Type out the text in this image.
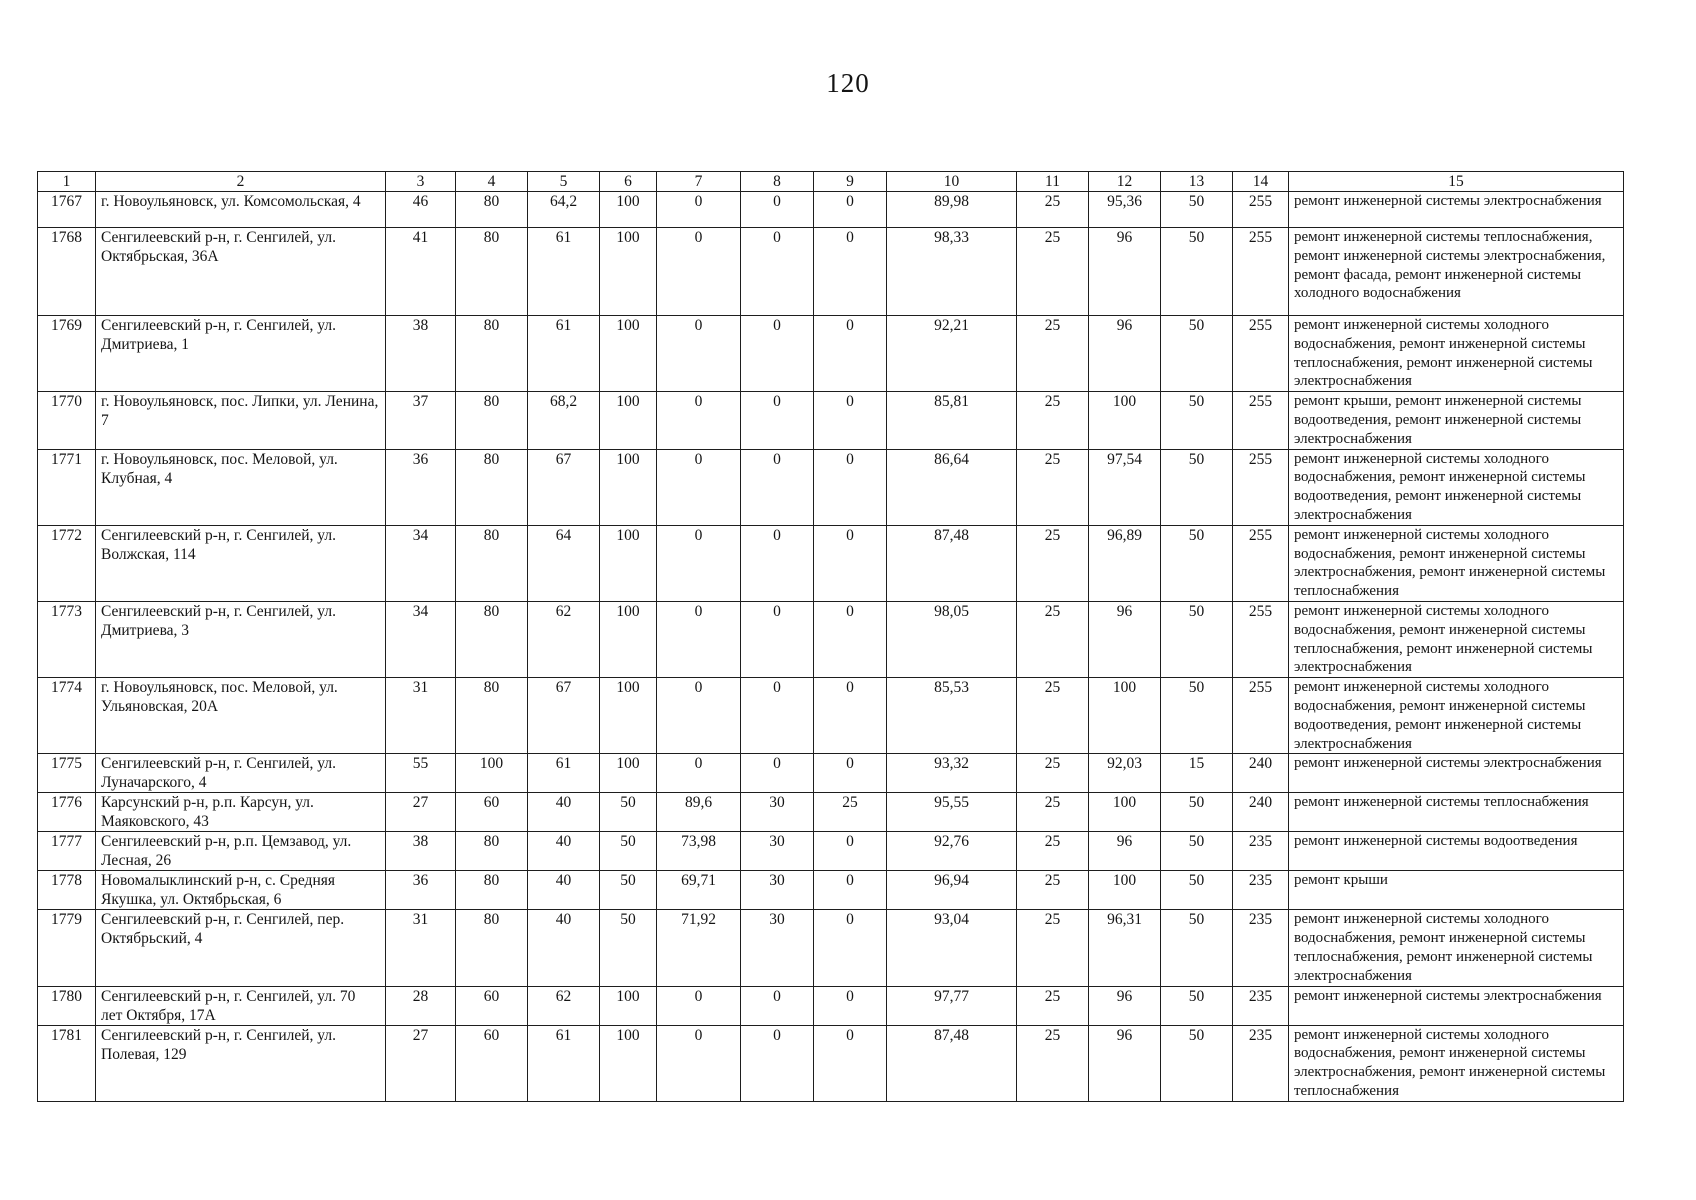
120
1	2	3	4	5	6	7	8	9	10	11	12	13	14	15
1767	г. Новоульяновск, ул. Комсомольская, 4	46	80	64,2	100	0	0	0	89,98	25	95,36	50	255	ремонт инженерной системы электроснабжения
1768	Сенгилеевский р-н, г. Сенгилей, ул. Октябрьская, 36А	41	80	61	100	0	0	0	98,33	25	96	50	255	ремонт инженерной системы теплоснабжения, ремонт инженерной системы электроснабжения, ремонт фасада, ремонт инженерной системы холодного водоснабжения
1769	Сенгилеевский р-н, г. Сенгилей, ул. Дмитриева, 1	38	80	61	100	0	0	0	92,21	25	96	50	255	ремонт инженерной системы холодного водоснабжения, ремонт инженерной системы теплоснабжения, ремонт инженерной системы электроснабжения
1770	г. Новоульяновск, пос. Липки, ул. Ленина, 7	37	80	68,2	100	0	0	0	85,81	25	100	50	255	ремонт крыши, ремонт инженерной системы водоотведения, ремонт инженерной системы электроснабжения
1771	г. Новоульяновск, пос. Меловой, ул. Клубная, 4	36	80	67	100	0	0	0	86,64	25	97,54	50	255	ремонт инженерной системы холодного водоснабжения, ремонт инженерной системы водоотведения, ремонт инженерной системы электроснабжения
1772	Сенгилеевский р-н, г. Сенгилей, ул. Волжская, 114	34	80	64	100	0	0	0	87,48	25	96,89	50	255	ремонт инженерной системы холодного водоснабжения, ремонт инженерной системы электроснабжения, ремонт инженерной системы теплоснабжения
1773	Сенгилеевский р-н, г. Сенгилей, ул. Дмитриева, 3	34	80	62	100	0	0	0	98,05	25	96	50	255	ремонт инженерной системы холодного водоснабжения, ремонт инженерной системы теплоснабжения, ремонт инженерной системы электроснабжения
1774	г. Новоульяновск, пос. Меловой, ул. Ульяновская, 20А	31	80	67	100	0	0	0	85,53	25	100	50	255	ремонт инженерной системы холодного водоснабжения, ремонт инженерной системы водоотведения, ремонт инженерной системы электроснабжения
1775	Сенгилеевский р-н, г. Сенгилей, ул. Луначарского, 4	55	100	61	100	0	0	0	93,32	25	92,03	15	240	ремонт инженерной системы электроснабжения
1776	Карсунский р-н, р.п. Карсун, ул. Маяковского, 43	27	60	40	50	89,6	30	25	95,55	25	100	50	240	ремонт инженерной системы теплоснабжения
1777	Сенгилеевский р-н, р.п. Цемзавод, ул. Лесная, 26	38	80	40	50	73,98	30	0	92,76	25	96	50	235	ремонт инженерной системы водоотведения
1778	Новомалыклинский р-н, с. Средняя Якушка, ул. Октябрьская, 6	36	80	40	50	69,71	30	0	96,94	25	100	50	235	ремонт крыши
1779	Сенгилеевский р-н, г. Сенгилей, пер. Октябрьский, 4	31	80	40	50	71,92	30	0	93,04	25	96,31	50	235	ремонт инженерной системы холодного водоснабжения, ремонт инженерной системы теплоснабжения, ремонт инженерной системы электроснабжения
1780	Сенгилеевский р-н, г. Сенгилей, ул. 70 лет Октября, 17А	28	60	62	100	0	0	0	97,77	25	96	50	235	ремонт инженерной системы электроснабжения
1781	Сенгилеевский р-н, г. Сенгилей, ул. Полевая, 129	27	60	61	100	0	0	0	87,48	25	96	50	235	ремонт инженерной системы холодного водоснабжения, ремонт инженерной системы электроснабжения, ремонт инженерной системы теплоснабжения
